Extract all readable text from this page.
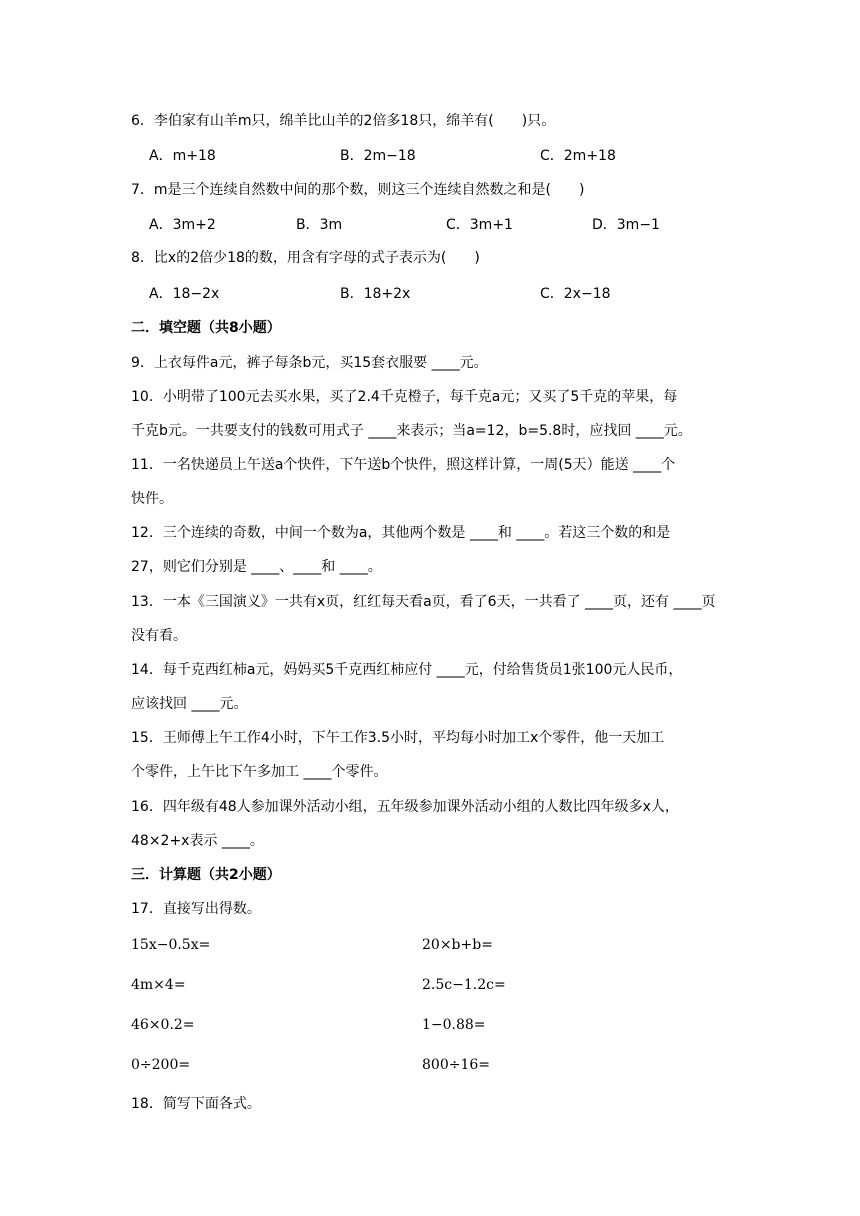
6．李伯家有山羊m只，绵羊比山羊的2倍多18只，绵羊有(　　)只。
A．m+18	B．2m−18	C．2m+18
7．m是三个连续自然数中间的那个数，则这三个连续自然数之和是(　　)
A．3m+2	B．3m	C．3m+1	D．3m−1
8．比x的2倍少18的数，用含有字母的式子表示为(　　)
A．18−2x	B．18+2x	C．2x−18
二．填空题（共8小题）
9．上衣每件a元，裤子每条b元，买15套衣服要 ____元。
10．小明带了100元去买水果，买了2.4千克橙子，每千克a元；又买了5千克的苹果，每
千克b元。一共要支付的钱数可用式子 ____来表示；当a=12，b=5.8时，应找回 ____元。
11．一名快递员上午送a个快件，下午送b个快件，照这样计算，一周(5天）能送 ____个
快件。
12．三个连续的奇数，中间一个数为a，其他两个数是 ____和 ____。若这三个数的和是
27，则它们分别是 ____、____和 ____。
13．一本《三国演义》一共有x页，红红每天看a页，看了6天，一共看了 ____页，还有 ____页
没有看。
14．每千克西红柿a元，妈妈买5千克西红柿应付 ____元，付给售货员1张100元人民币，
应该找回 ____元。
15．王师傅上午工作4小时，下午工作3.5小时，平均每小时加工x个零件，他一天加工
个零件，上午比下午多加工 ____个零件。
16．四年级有48人参加课外活动小组，五年级参加课外活动小组的人数比四年级多x人，
48×2+x表示 ____。
三．计算题（共2小题）
17．直接写出得数。
15x−0.5x=	20×b+b=
4m×4=	2.5c−1.2c=
46×0.2=	1−0.88=
0÷200=	800÷16=
18．简写下面各式。
